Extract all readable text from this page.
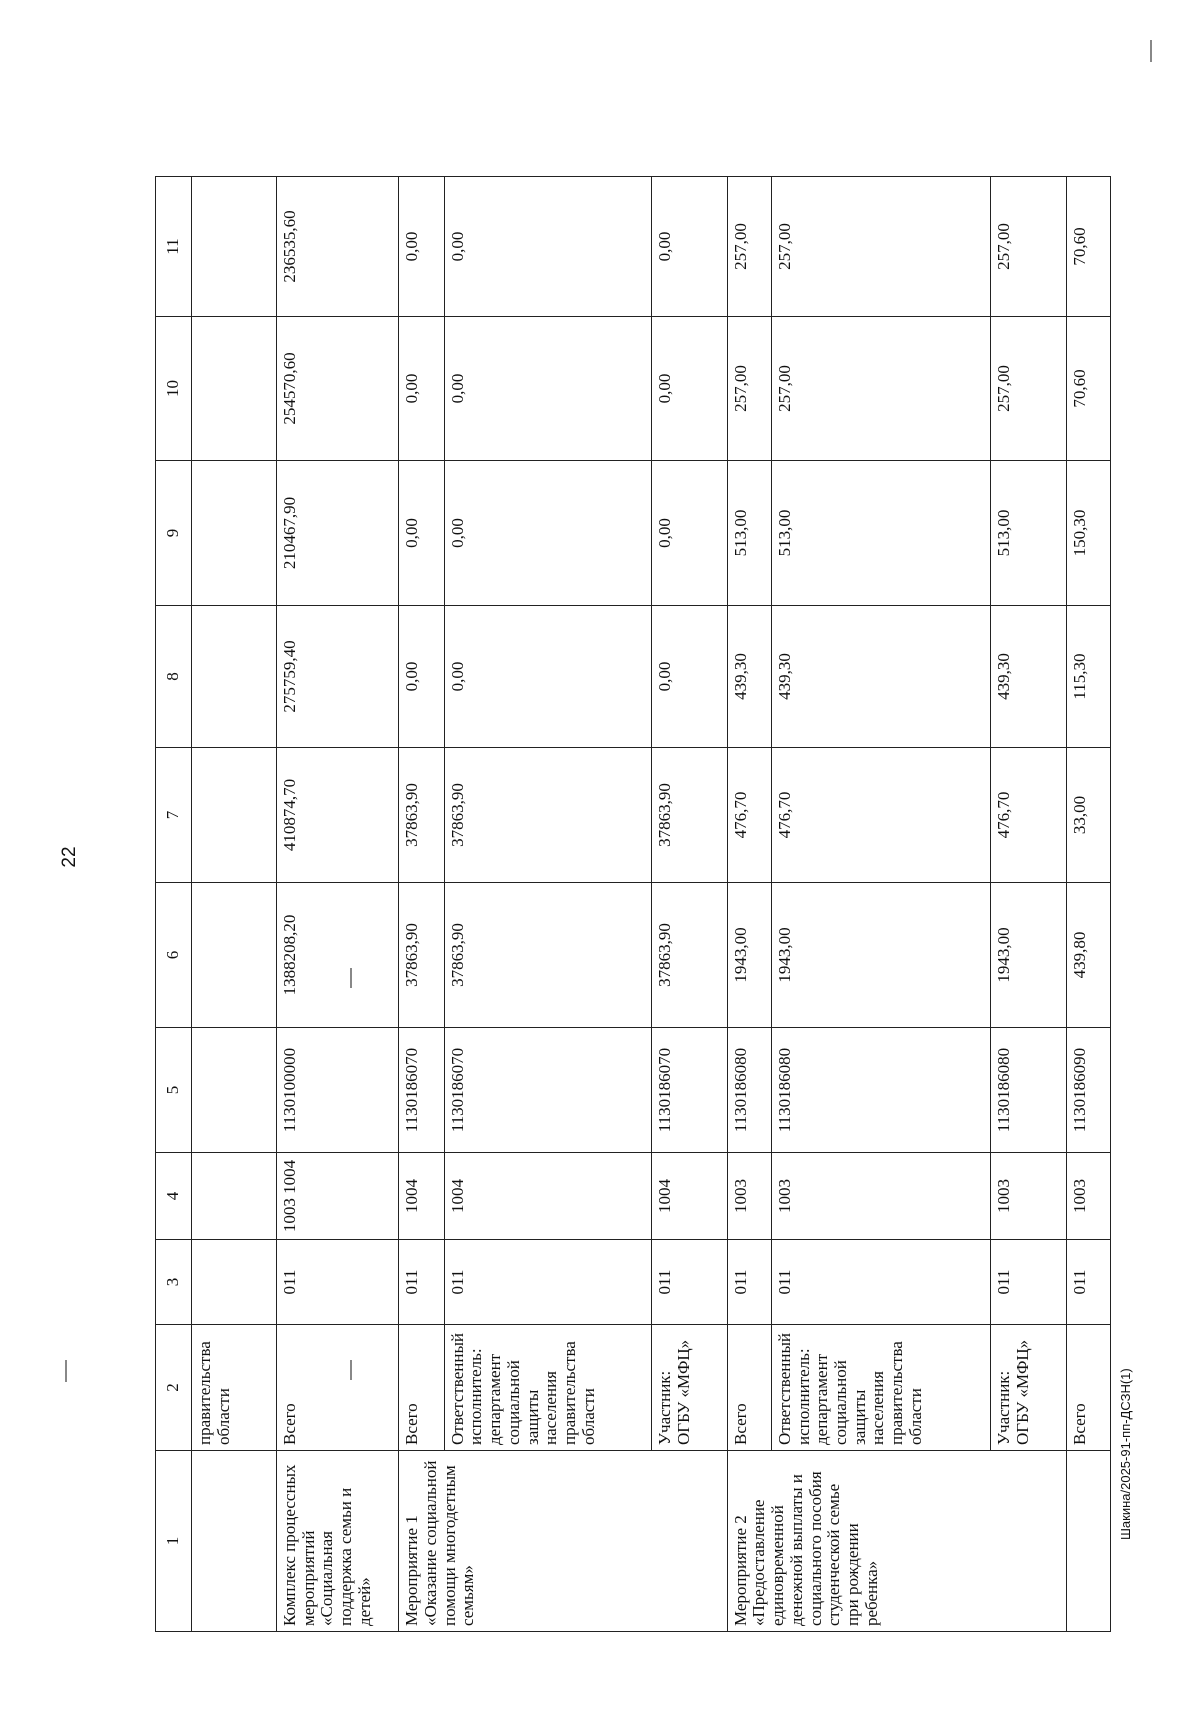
22
Шакина/2025-91-пп-ДСЗН(1)
1	2	3	4	5	6	7	8	9	10	11
	правительства области									
Комплекс процессных мероприятий «Социальная поддержка семьи и детей»	Всего	011	1003 1004	1130100000	1388208,20	410874,70	275759,40	210467,90	254570,60	236535,60
Мероприятие 1 «Оказание социальной помощи многодетным семьям»	Всего	011	1004	1130186070	37863,90	37863,90	0,00	0,00	0,00	0,00
	Ответственный исполнитель: департамент социальной защиты населения правительства области	011	1004	1130186070	37863,90	37863,90	0,00	0,00	0,00	0,00
	Участник: ОГБУ «МФЦ»	011	1004	1130186070	37863,90	37863,90	0,00	0,00	0,00	0,00
Мероприятие 2 «Предоставление единовременной денежной выплаты и социального пособия студенческой семье при рождении ребенка»	Всего	011	1003	1130186080	1943,00	476,70	439,30	513,00	257,00	257,00
	Ответственный исполнитель: департамент социальной защиты населения правительства области	011	1003	1130186080	1943,00	476,70	439,30	513,00	257,00	257,00
	Участник: ОГБУ «МФЦ»	011	1003	1130186080	1943,00	476,70	439,30	513,00	257,00	257,00
	Всего	011	1003	1130186090	439,80	33,00	115,30	150,30	70,60	70,60
